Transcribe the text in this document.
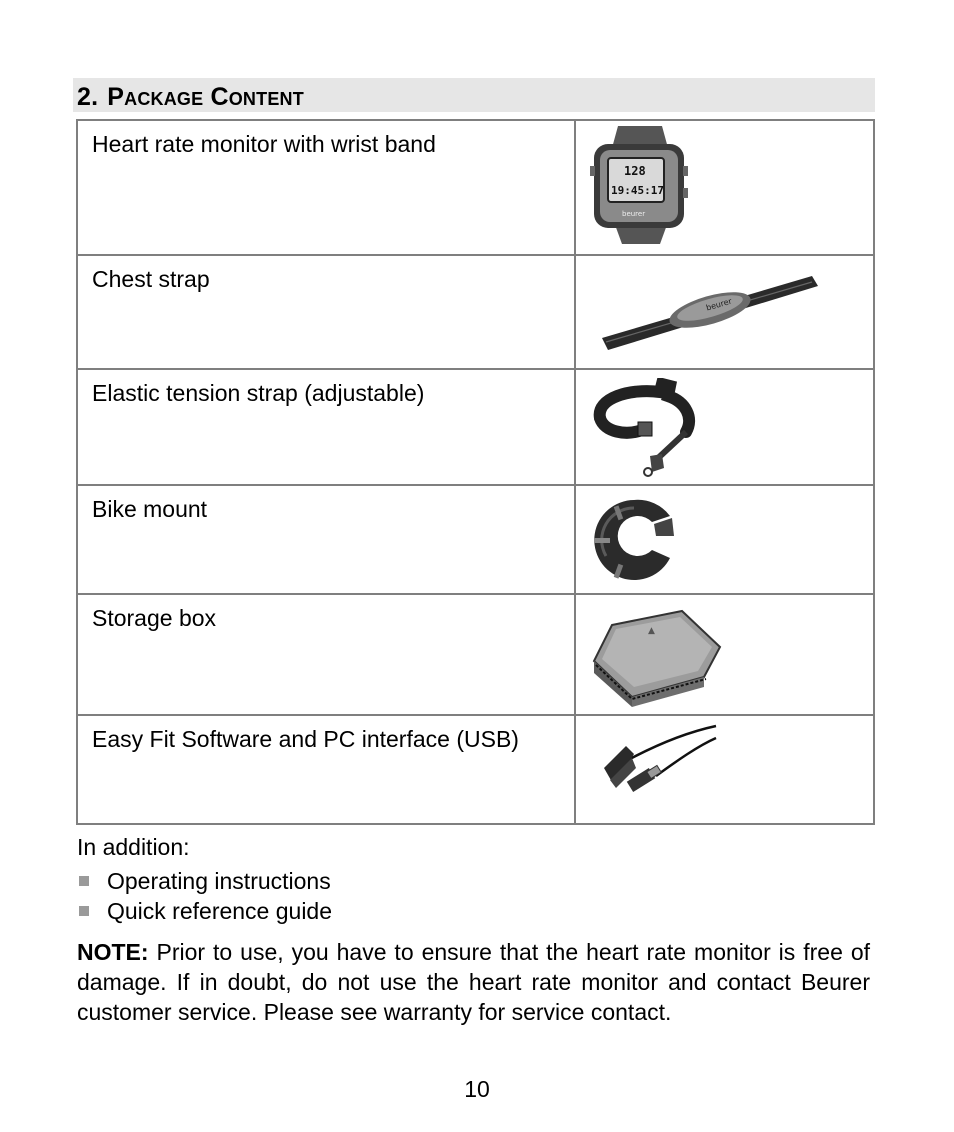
2. Package Content
Heart rate monitor with wrist band	128
19:45:17
beurer

Chest strap	beurer

Elastic tension strap (adjustable)

Bike mount

Storage box	▲

Easy Fit Software and PC interface (USB)

In addition:
Operating instructions
Quick reference guide
NOTE: Prior to use, you have to ensure that the heart rate monitor is free of damage. If in doubt, do not use the heart rate monitor and contact Beurer customer service. Please see warranty for service contact.
10
